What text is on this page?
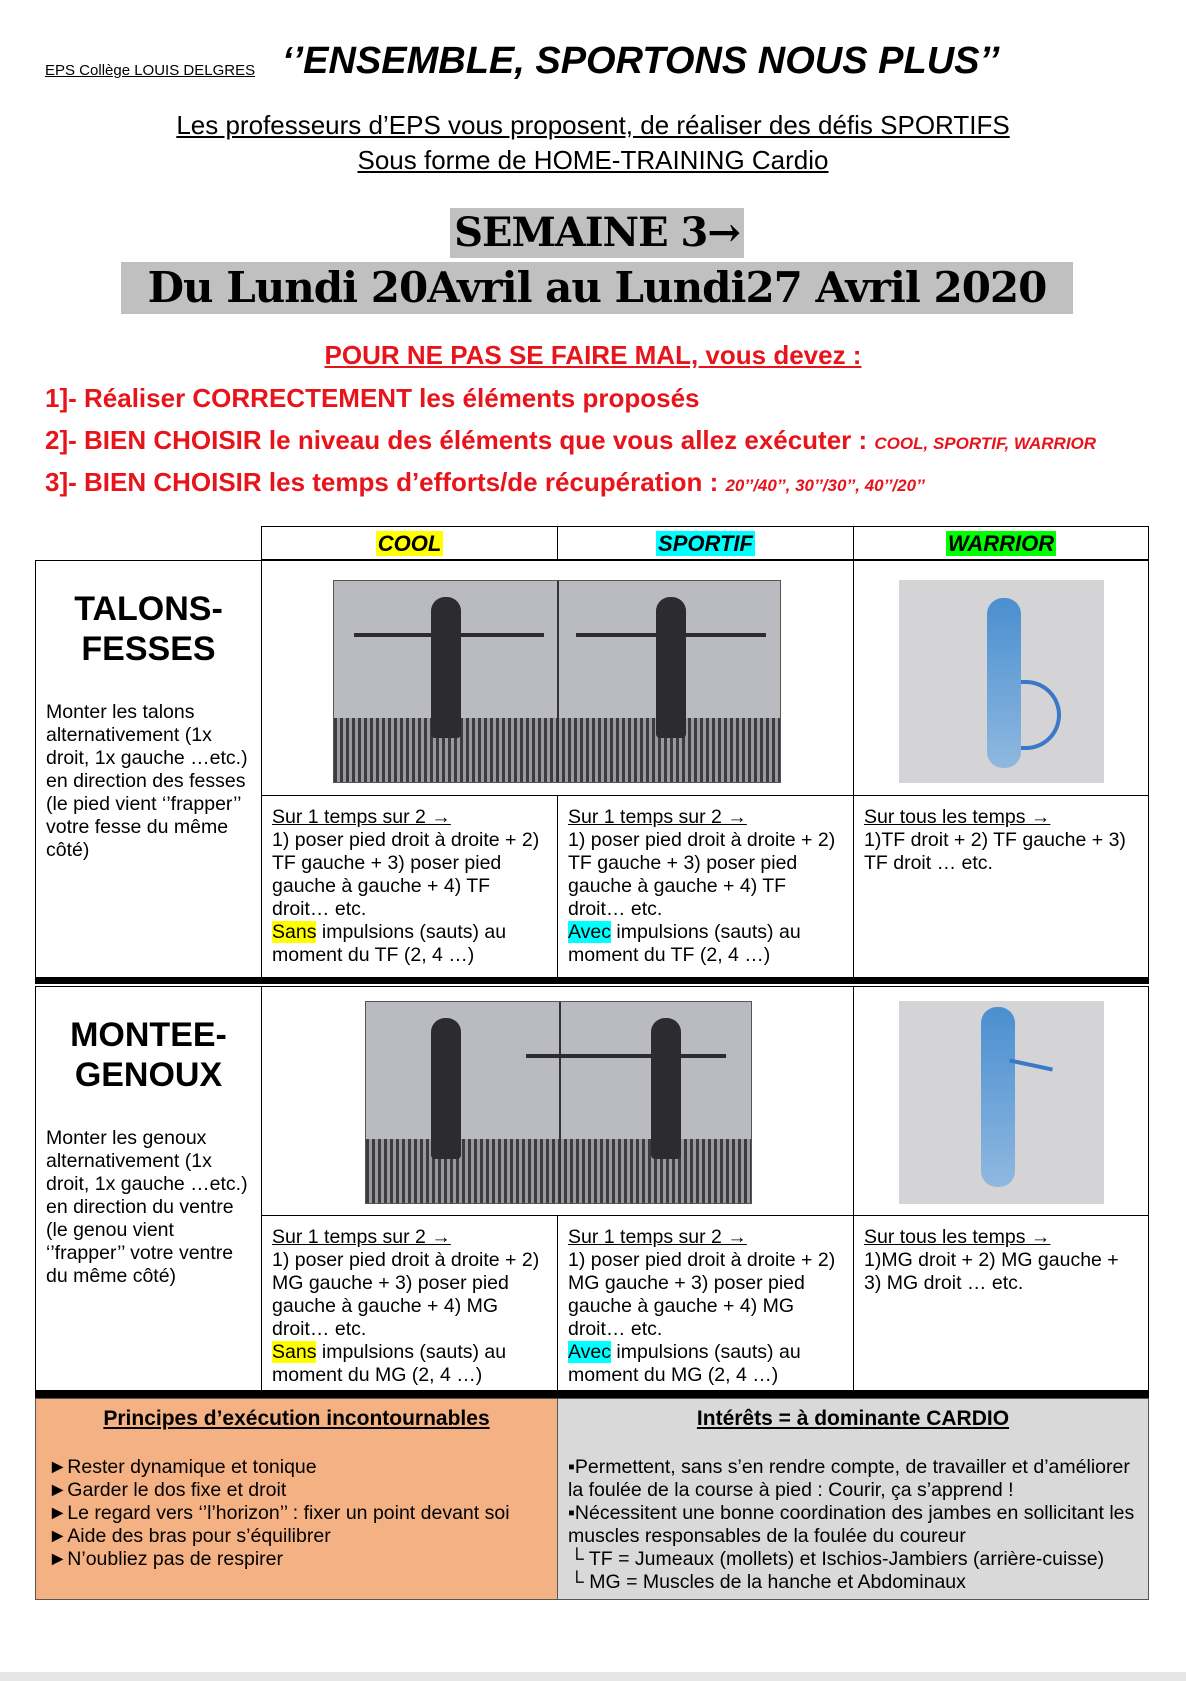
EPS Collège LOUIS DELGRES ‘’ENSEMBLE, SPORTONS NOUS PLUS’’
Les professeurs d’EPS vous proposent, de réaliser des défis SPORTIFS
Sous forme de HOME-TRAINING Cardio
SEMAINE 3→
Du Lundi 20Avril au Lundi27 Avril 2020
POUR NE PAS SE FAIRE MAL, vous devez :
1]- Réaliser CORRECTEMENT les éléments proposés
2]- BIEN CHOISIR le niveau des éléments que vous allez exécuter : COOL, SPORTIF, WARRIOR
3]- BIEN CHOISIR les temps d’efforts/de récupération : 20’’/40’’, 30’’/30’’, 40’’/20’’
COOL	SPORTIF	WARRIOR
TALONS-
FESSES
Monter les talons alternativement (1x droit, 1x gauche …etc.) en direction des fesses (le pied vient ‘’frapper’’ votre fesse du même côté)
Sur 1 temps sur 2 →
1) poser pied droit à droite + 2) TF gauche + 3) poser pied gauche à gauche + 4) TF droit… etc.
Sans impulsions (sauts) au moment du TF (2, 4 …)
Sur 1 temps sur 2 →
1) poser pied droit à droite + 2) TF gauche + 3) poser pied gauche à gauche + 4) TF droit… etc.
Avec impulsions (sauts) au moment du TF (2, 4 …)
Sur tous les temps →
1)TF droit + 2) TF gauche + 3) TF droit … etc.
MONTEE-
GENOUX
Monter les genoux alternativement (1x droit, 1x gauche …etc.) en direction du ventre (le genou vient ‘’frapper’’ votre ventre du même côté)
Sur 1 temps sur 2 →
1) poser pied droit à droite + 2) MG gauche + 3) poser pied gauche à gauche + 4) MG droit… etc.
Sans impulsions (sauts) au moment du MG (2, 4 …)
Sur 1 temps sur 2 →
1) poser pied droit à droite + 2) MG gauche + 3) poser pied gauche à gauche + 4) MG droit… etc.
Avec impulsions (sauts) au moment du MG (2, 4 …)
Sur tous les temps →
1)MG droit + 2) MG gauche + 3) MG droit … etc.
Principes d’exécution incontournables

►Rester dynamique et tonique

►Garder le dos fixe et droit

►Le regard vers ‘’l’horizon’’ : fixer un point devant soi

►Aide des bras pour s’équilibrer

►N’oubliez pas de respirer

Intérêts = à dominante CARDIO

▪Permettent, sans s’en rendre compte, de travailler et d’améliorer la foulée de la course à pied : Courir, ça s’apprend !

▪Nécessitent une bonne coordination des jambes en sollicitant les muscles responsables de la foulée du coureur

└ TF = Jumeaux (mollets) et Ischios-Jambiers (arrière-cuisse)

└ MG = Muscles de la hanche et Abdominaux
